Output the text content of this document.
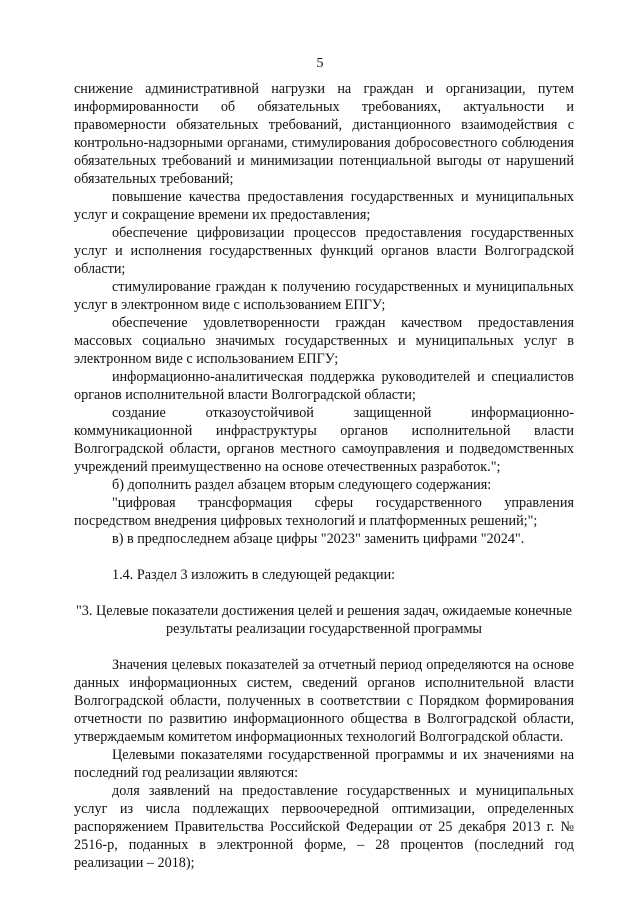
5

снижение административной нагрузки на граждан и организации, путем информированности об обязательных требованиях, актуальности и правомерности обязательных требований, дистанционного взаимодействия с контрольно-надзорными органами, стимулирования добросовестного соблюдения обязательных требований и минимизации потенциальной выгоды от нарушений обязательных требований;

повышение качества предоставления государственных и муниципальных услуг и сокращение времени их предоставления;

обеспечение цифровизации процессов предоставления государственных услуг и исполнения государственных функций органов власти Волгоградской области;

стимулирование граждан к получению государственных и муниципальных услуг в электронном виде с использованием ЕПГУ;

обеспечение удовлетворенности граждан качеством предоставления массовых социально значимых государственных и муниципальных услуг в электронном виде с использованием ЕПГУ;

информационно-аналитическая поддержка руководителей и специалистов органов исполнительной власти Волгоградской области;

создание отказоустойчивой защищенной информационно-коммуникационной инфраструктуры органов исполнительной власти Волгоградской области, органов местного самоуправления и подведомственных учреждений преимущественно на основе отечественных разработок.";

б) дополнить раздел абзацем вторым следующего содержания:

"цифровая трансформация сферы государственного управления посредством внедрения цифровых технологий и платформенных решений;";

в) в предпоследнем абзаце цифры "2023" заменить цифрами "2024".

1.4. Раздел 3 изложить в следующей редакции:

"3. Целевые показатели достижения целей и решения задач, ожидаемые конечные результаты реализации государственной программы

Значения целевых показателей за отчетный период определяются на основе данных информационных систем, сведений органов исполнительной власти Волгоградской области, полученных в соответствии с Порядком формирования отчетности по развитию информационного общества в Волгоградской области, утверждаемым комитетом информационных технологий Волгоградской области.

Целевыми показателями государственной программы и их значениями на последний год реализации являются:

доля заявлений на предоставление государственных и муниципальных услуг из числа подлежащих первоочередной оптимизации, определенных распоряжением Правительства Российской Федерации от 25 декабря 2013 г. № 2516-р, поданных в электронной форме, – 28 процентов (последний год реализации – 2018);
